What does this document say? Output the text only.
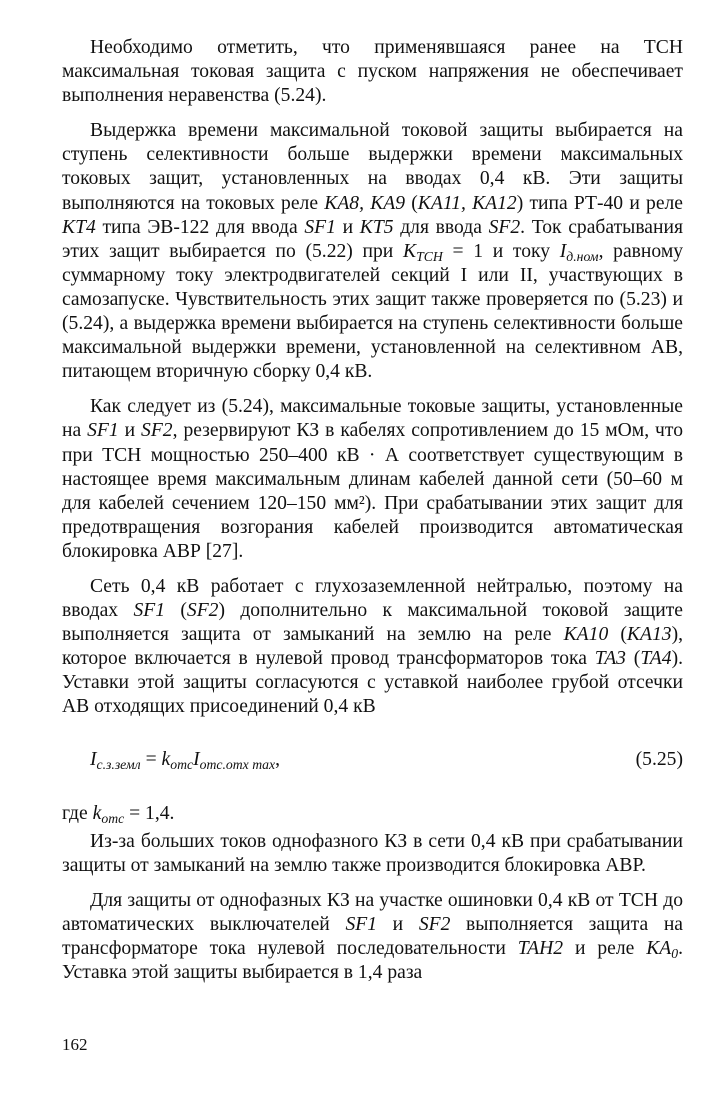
Необходимо отметить, что применявшаяся ранее на ТСН максимальная токовая защита с пуском напряжения не обеспечивает выполнения неравенства (5.24).

Выдержка времени максимальной токовой защиты выбирается на ступень селективности больше выдержки времени максимальных токовых защит, установленных на вводах 0,4 кВ. Эти защиты выполняются на токовых реле KA8, KA9 (KA11, KA12) типа РТ-40 и реле KT4 типа ЭВ-122 для ввода SF1 и KT5 для ввода SF2. Ток срабатывания этих защит выбирается по (5.22) при $K_{ТСН} = 1$ и току $I_{д.ном}$, равному суммарному току электродвигателей секций I или II, участвующих в самозапуске. Чувствительность этих защит также проверяется по (5.23) и (5.24), а выдержка времени выбирается на ступень селективности больше максимальной выдержки времени, установленной на селективном АВ, питающем вторичную сборку 0,4 кВ.

Как следует из (5.24), максимальные токовые защиты, установленные на SF1 и SF2, резервируют КЗ в кабелях сопротивлением до 15 мОм, что при ТСН мощностью 250–400 кВ · А соответствует существующим в настоящее время максимальным длинам кабелей данной сети (50–60 м для кабелей сечением 120–150 мм²). При срабатывании этих защит для предотвращения возгорания кабелей производится автоматическая блокировка АВР [27].

Сеть 0,4 кВ работает с глухозаземленной нейтралью, поэтому на вводах SF1 (SF2) дополнительно к максимальной токовой защите выполняется защита от замыканий на землю на реле KA10 (KA13), которое включается в нулевой провод трансформаторов тока TA3 (TA4). Уставки этой защиты согласуются с уставкой наиболее грубой отсечки АВ отходящих присоединений 0,4 кВ

$I_{с.з.земл} = k_{отс}I_{отс.отх max}$,	(5.25)

где $k_{отс} = 1,4$.

Из-за больших токов однофазного КЗ в сети 0,4 кВ при срабатывании защиты от замыканий на землю также производится блокировка АВР.

Для защиты от однофазных КЗ на участке ошиновки 0,4 кВ от ТСН до автоматических выключателей SF1 и SF2 выполняется защита на трансформаторе тока нулевой последовательности TAH2 и реле $KA_0$. Уставка этой защиты выбирается в 1,4 раза

162
